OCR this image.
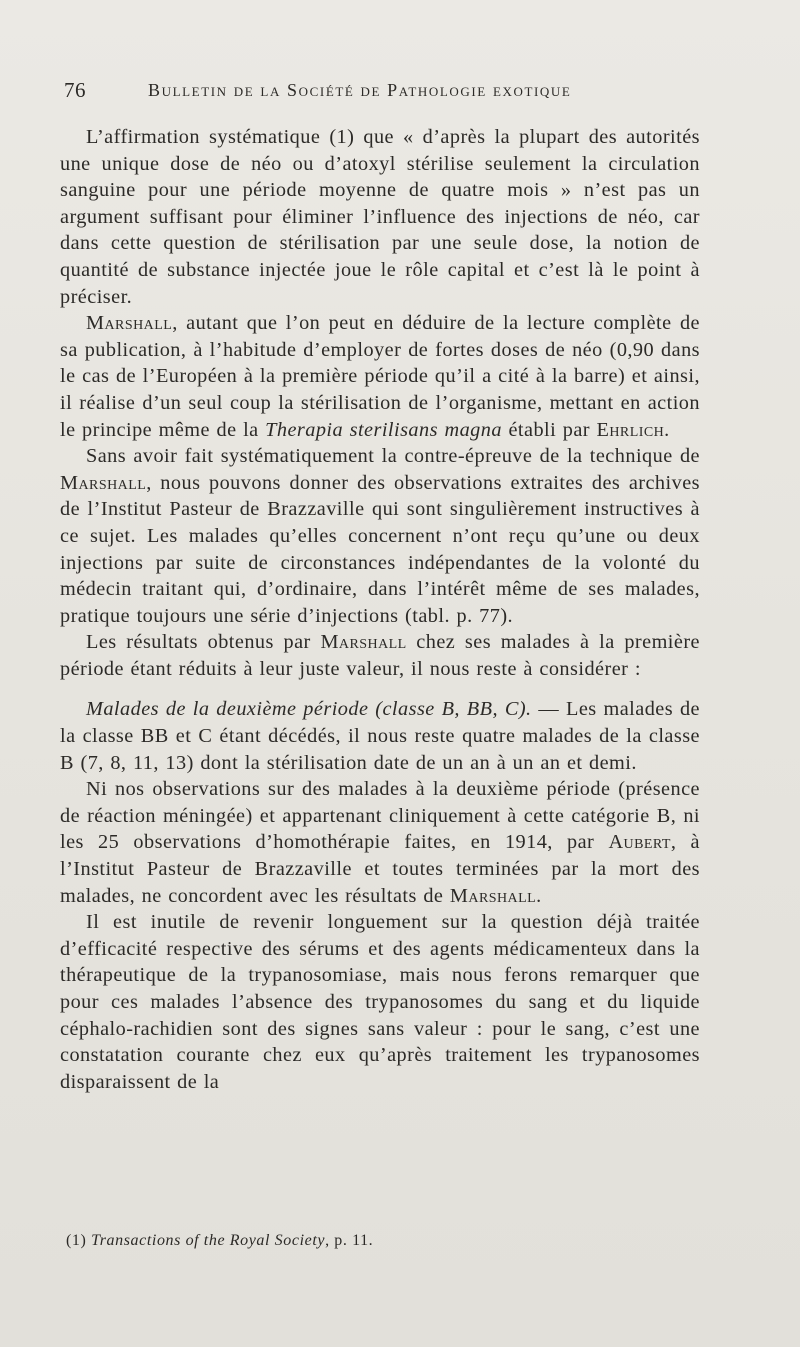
76	Bulletin de la Société de Pathologie exotique

L’affirmation systématique (1) que « d’après la plupart des autorités une unique dose de néo ou d’atoxyl stérilise seulement la circulation sanguine pour une période moyenne de quatre mois » n’est pas un argument suffisant pour éliminer l’influence des injections de néo, car dans cette question de stérilisation par une seule dose, la notion de quantité de substance injectée joue le rôle capital et c’est là le point à préciser.

Marshall, autant que l’on peut en déduire de la lecture complète de sa publication, à l’habitude d’employer de fortes doses de néo (0,90 dans le cas de l’Européen à la première période qu’il a cité à la barre) et ainsi, il réalise d’un seul coup la stérilisation de l’organisme, mettant en action le principe même de la Therapia sterilisans magna établi par Ehrlich.

Sans avoir fait systématiquement la contre-épreuve de la technique de Marshall, nous pouvons donner des observations extraites des archives de l’Institut Pasteur de Brazzaville qui sont singulièrement instructives à ce sujet. Les malades qu’elles concernent n’ont reçu qu’une ou deux injections par suite de circonstances indépendantes de la volonté du médecin traitant qui, d’ordinaire, dans l’intérêt même de ses malades, pratique toujours une série d’injections (tabl. p. 77).

Les résultats obtenus par Marshall chez ses malades à la première période étant réduits à leur juste valeur, il nous reste à considérer :

Malades de la deuxième période (classe B, BB, C). — Les malades de la classe BB et C étant décédés, il nous reste quatre malades de la classe B (7, 8, 11, 13) dont la stérilisation date de un an à un an et demi.

Ni nos observations sur des malades à la deuxième période (présence de réaction méningée) et appartenant cliniquement à cette catégorie B, ni les 25 observations d’homothérapie faites, en 1914, par Aubert, à l’Institut Pasteur de Brazzaville et toutes terminées par la mort des malades, ne concordent avec les résultats de Marshall.

Il est inutile de revenir longuement sur la question déjà traitée d’efficacité respective des sérums et des agents médicamenteux dans la thérapeutique de la trypanosomiase, mais nous ferons remarquer que pour ces malades l’absence des trypanosomes du sang et du liquide céphalo-rachidien sont des signes sans valeur : pour le sang, c’est une constatation courante chez eux qu’après traitement les trypanosomes disparaissent de la

(1) Transactions of the Royal Society, p. 11.
